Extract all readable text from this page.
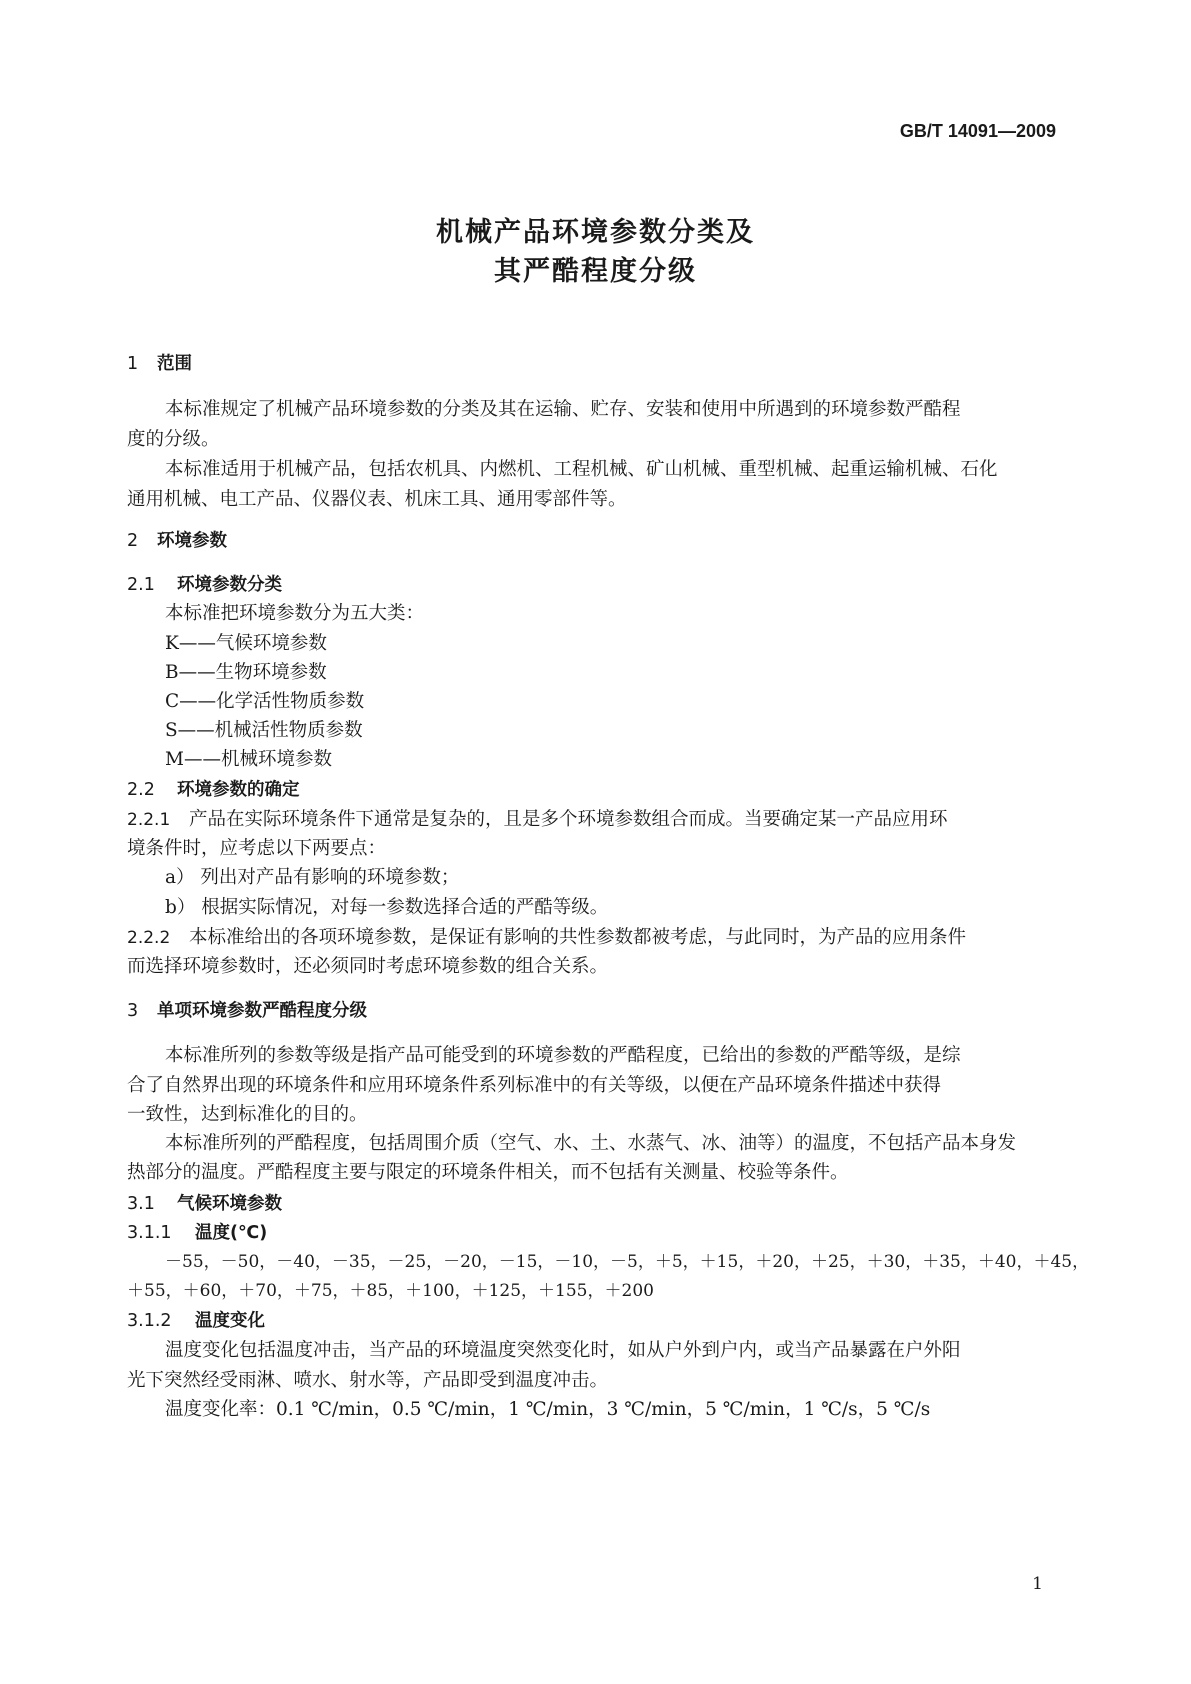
GB/T 14091—2009
机械产品环境参数分类及
其严酷程度分级
1 范围
本标准规定了机械产品环境参数的分类及其在运输、贮存、安装和使用中所遇到的环境参数严酷程
度的分级。
本标准适用于机械产品，包括农机具、内燃机、工程机械、矿山机械、重型机械、起重运输机械、石化
通用机械、电工产品、仪器仪表、机床工具、通用零部件等。
2 环境参数
2.1 环境参数分类
本标准把环境参数分为五大类：
K——气候环境参数
B——生物环境参数
C——化学活性物质参数
S——机械活性物质参数
M——机械环境参数
2.2 环境参数的确定
2.2.1 产品在实际环境条件下通常是复杂的，且是多个环境参数组合而成。当要确定某一产品应用环
境条件时，应考虑以下两要点：
a） 列出对产品有影响的环境参数；
b） 根据实际情况，对每一参数选择合适的严酷等级。
2.2.2 本标准给出的各项环境参数，是保证有影响的共性参数都被考虑，与此同时，为产品的应用条件
而选择环境参数时，还必须同时考虑环境参数的组合关系。
3 单项环境参数严酷程度分级
本标准所列的参数等级是指产品可能受到的环境参数的严酷程度，已给出的参数的严酷等级，是综
合了自然界出现的环境条件和应用环境条件系列标准中的有关等级，以便在产品环境条件描述中获得
一致性，达到标准化的目的。
本标准所列的严酷程度，包括周围介质（空气、水、土、水蒸气、冰、油等）的温度，不包括产品本身发
热部分的温度。严酷程度主要与限定的环境条件相关，而不包括有关测量、校验等条件。
3.1 气候环境参数
3.1.1 温度(℃)
－55，－50，－40，－35，－25，－20，－15，－10，－5，＋5，＋15，＋20，＋25，＋30，＋35，＋40，＋45，
＋55，＋60，＋70，＋75，＋85，＋100，＋125，＋155，＋200
3.1.2 温度变化
温度变化包括温度冲击，当产品的环境温度突然变化时，如从户外到户内，或当产品暴露在户外阳
光下突然经受雨淋、喷水、射水等，产品即受到温度冲击。
温度变化率：0.1 ℃/min，0.5 ℃/min，1 ℃/min，3 ℃/min，5 ℃/min，1 ℃/s，5 ℃/s
1
